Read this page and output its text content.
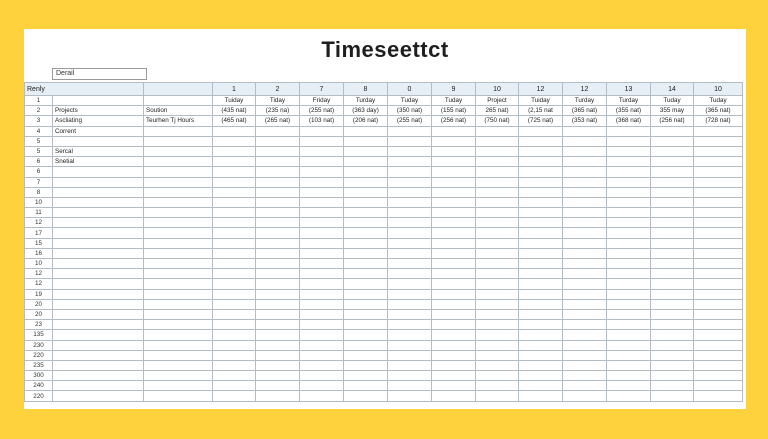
Timeseettct
Derail
Renly			1	2	7	8	0	9	10	12	12	13	14	10
1			Tuiday	Tiday	Friday	Turday	Tuday	Tuday	Project	Tuiday	Turday	Turday	Tuday	Tuday
2	Projects	Soution	(435 nat)	(235 na)	(255 nat)	(363 day)	(350 nat)	(155 nat)	265 nat)	(2,15 nat	(365 nat)	(355 nat)	355 may	(365 nat)
3	Ascliating	Teurhen Tj Hours	(465 nat)	(265 nat)	(103 nat)	(206 nat)	(255 nat)	(256 nat)	(750 nat)	(725 nat)	(353 nat)	(368 nat)	(256 nat)	(728 nat)
4	Corrent													
5														
5	Sercal													
6	Snetial													
6														
7														
8														
10														
11														
12														
17														
15														
16														
10														
12														
12														
19														
20														
20														
23														
135														
230														
220														
235														
300														
240														
220														
